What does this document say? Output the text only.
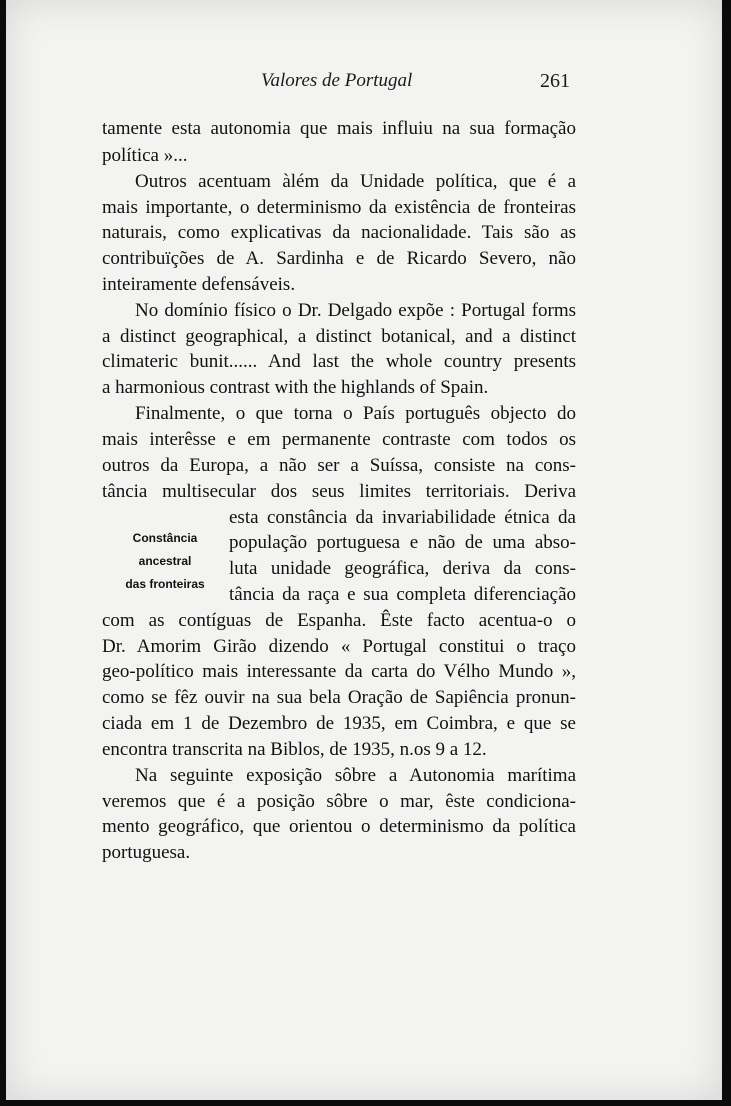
Valores de Portugal	261
tamente esta autonomia que mais influiu na sua formação
política »...
Outros acentuam àlém da Unidade política, que é a
mais importante, o determinismo da existência de fronteiras
naturais, como explicativas da nacionalidade. Tais são as
contribuïções de A. Sardinha e de Ricardo Severo, não
inteiramente defensáveis.
No domínio físico o Dr. Delgado expõe : Portugal forms
a distinct geographical, a distinct botanical, and a distinct
climateric bunit...... And last the whole country presents
a harmonious contrast with the highlands of Spain.
Finalmente, o que torna o País português objecto do
mais interêsse e em permanente contraste com todos os
outros da Europa, a não ser a Suíssa, consiste na cons-
tância multisecular dos seus limites territoriais. Deriva
Constância
ancestral
das fronteiras
esta constância da invariabilidade étnica da
população portuguesa e não de uma abso-
luta unidade geográfica, deriva da cons-
tância da raça e sua completa diferenciação
com as contíguas de Espanha. Êste facto acentua-o o
Dr. Amorim Girão dizendo « Portugal constitui o traço
geo-político mais interessante da carta do Vélho Mundo »,
como se fêz ouvir na sua bela Oração de Sapiência pronun-
ciada em 1 de Dezembro de 1935, em Coimbra, e que se
encontra transcrita na Biblos, de 1935, n.os 9 a 12.
Na seguinte exposição sôbre a Autonomia marítima
veremos que é a posição sôbre o mar, êste condiciona-
mento geográfico, que orientou o determinismo da política
portuguesa.
